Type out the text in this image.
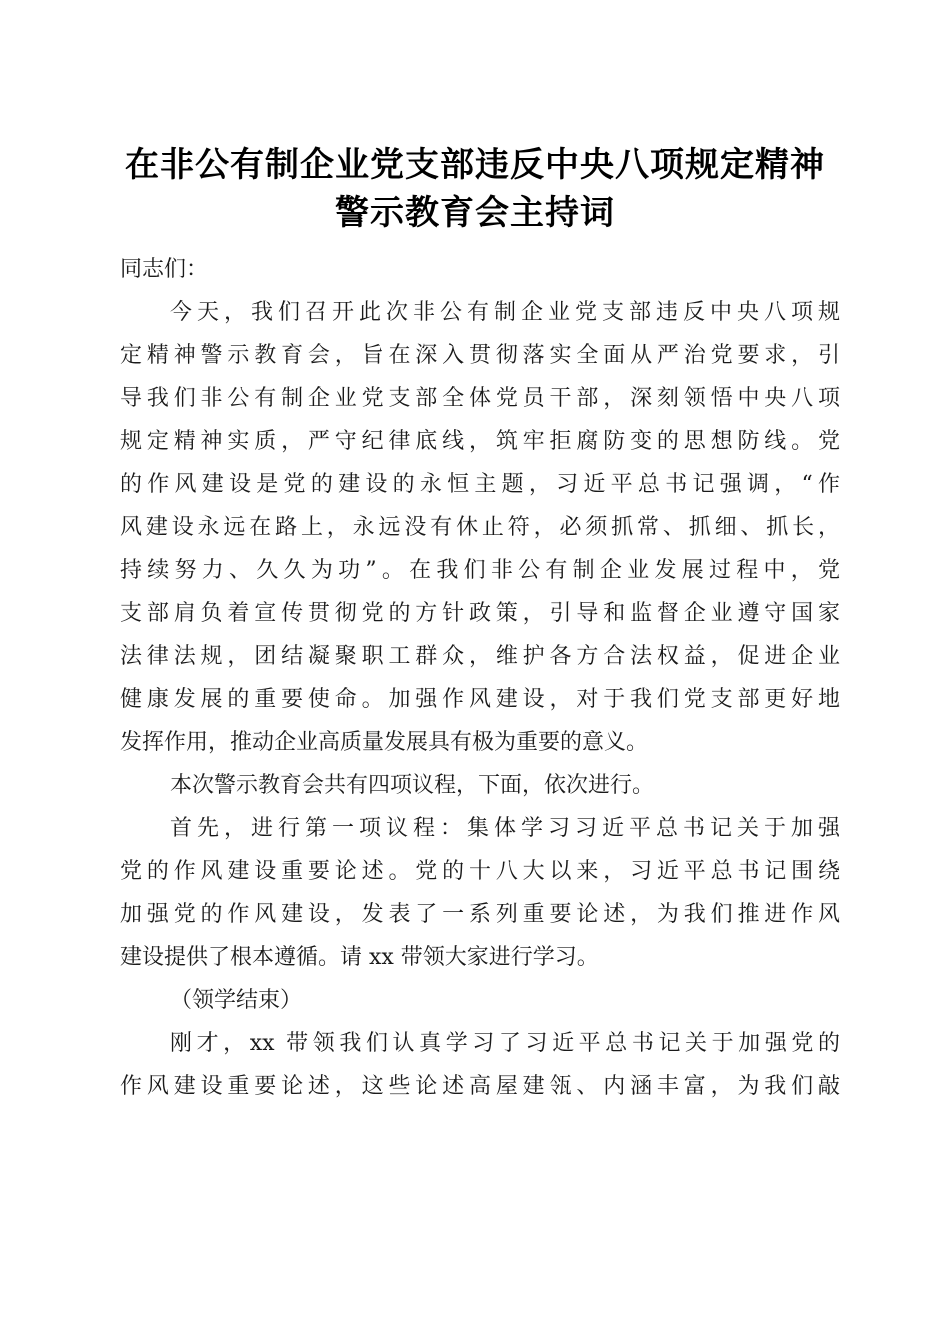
在非公有制企业党支部违反中央八项规定精神
警示教育会主持词
同志们：
今天，我们召开此次非公有制企业党支部违反中央八项规
定精神警示教育会，旨在深入贯彻落实全面从严治党要求，引
导我们非公有制企业党支部全体党员干部，深刻领悟中央八项
规定精神实质，严守纪律底线，筑牢拒腐防变的思想防线。党
的作风建设是党的建设的永恒主题，习近平总书记强调，“作
风建设永远在路上，永远没有休止符，必须抓常、抓细、抓长，
持续努力、久久为功”。在我们非公有制企业发展过程中，党
支部肩负着宣传贯彻党的方针政策，引导和监督企业遵守国家
法律法规，团结凝聚职工群众，维护各方合法权益，促进企业
健康发展的重要使命。加强作风建设，对于我们党支部更好地
发挥作用，推动企业高质量发展具有极为重要的意义。
本次警示教育会共有四项议程，下面，依次进行。
首先，进行第一项议程：集体学习习近平总书记关于加强
党的作风建设重要论述。党的十八大以来，习近平总书记围绕
加强党的作风建设，发表了一系列重要论述，为我们推进作风
建设提供了根本遵循。请 xx 带领大家进行学习。
（领学结束）
刚才，xx 带领我们认真学习了习近平总书记关于加强党的
作风建设重要论述，这些论述高屋建瓴、内涵丰富，为我们敲
